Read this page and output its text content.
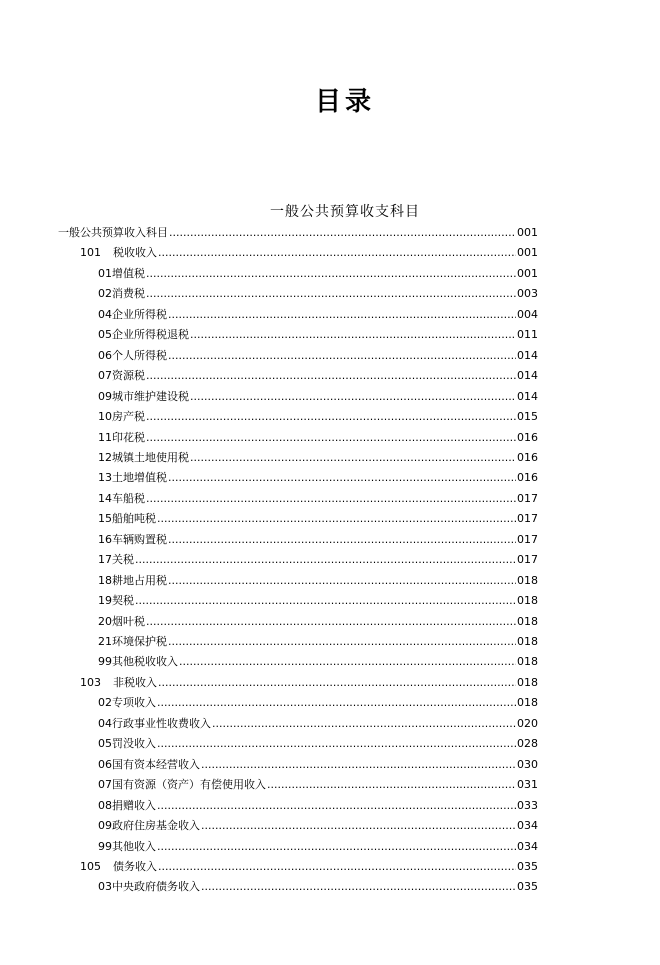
目录
一般公共预算收支科目
一般公共预算收入科目 .....	001
101 税收收入 .....	001
01增值税 .....	001
02消费税 .....	003
04企业所得税 .....	004
05企业所得税退税 .....	011
06个人所得税 .....	014
07资源税 .....	014
09城市维护建设税 .....	014
10房产税 .....	015
11印花税 .....	016
12城镇土地使用税 .....	016
13土地增值税 .....	016
14车船税 .....	017
15船舶吨税 .....	017
16车辆购置税 .....	017
17关税 .....	017
18耕地占用税 .....	018
19契税 .....	018
20烟叶税 .....	018
21环境保护税 .....	018
99其他税收收入 .....	018
103 非税收入 .....	018
02专项收入 .....	018
04行政事业性收费收入 .....	020
05罚没收入 .....	028
06国有资本经营收入 .....	030
07国有资源（资产）有偿使用收入 .....	031
08捐赠收入 .....	033
09政府住房基金收入 .....	034
99其他收入 .....	034
105 债务收入 .....	035
03中央政府债务收入 .....	035
